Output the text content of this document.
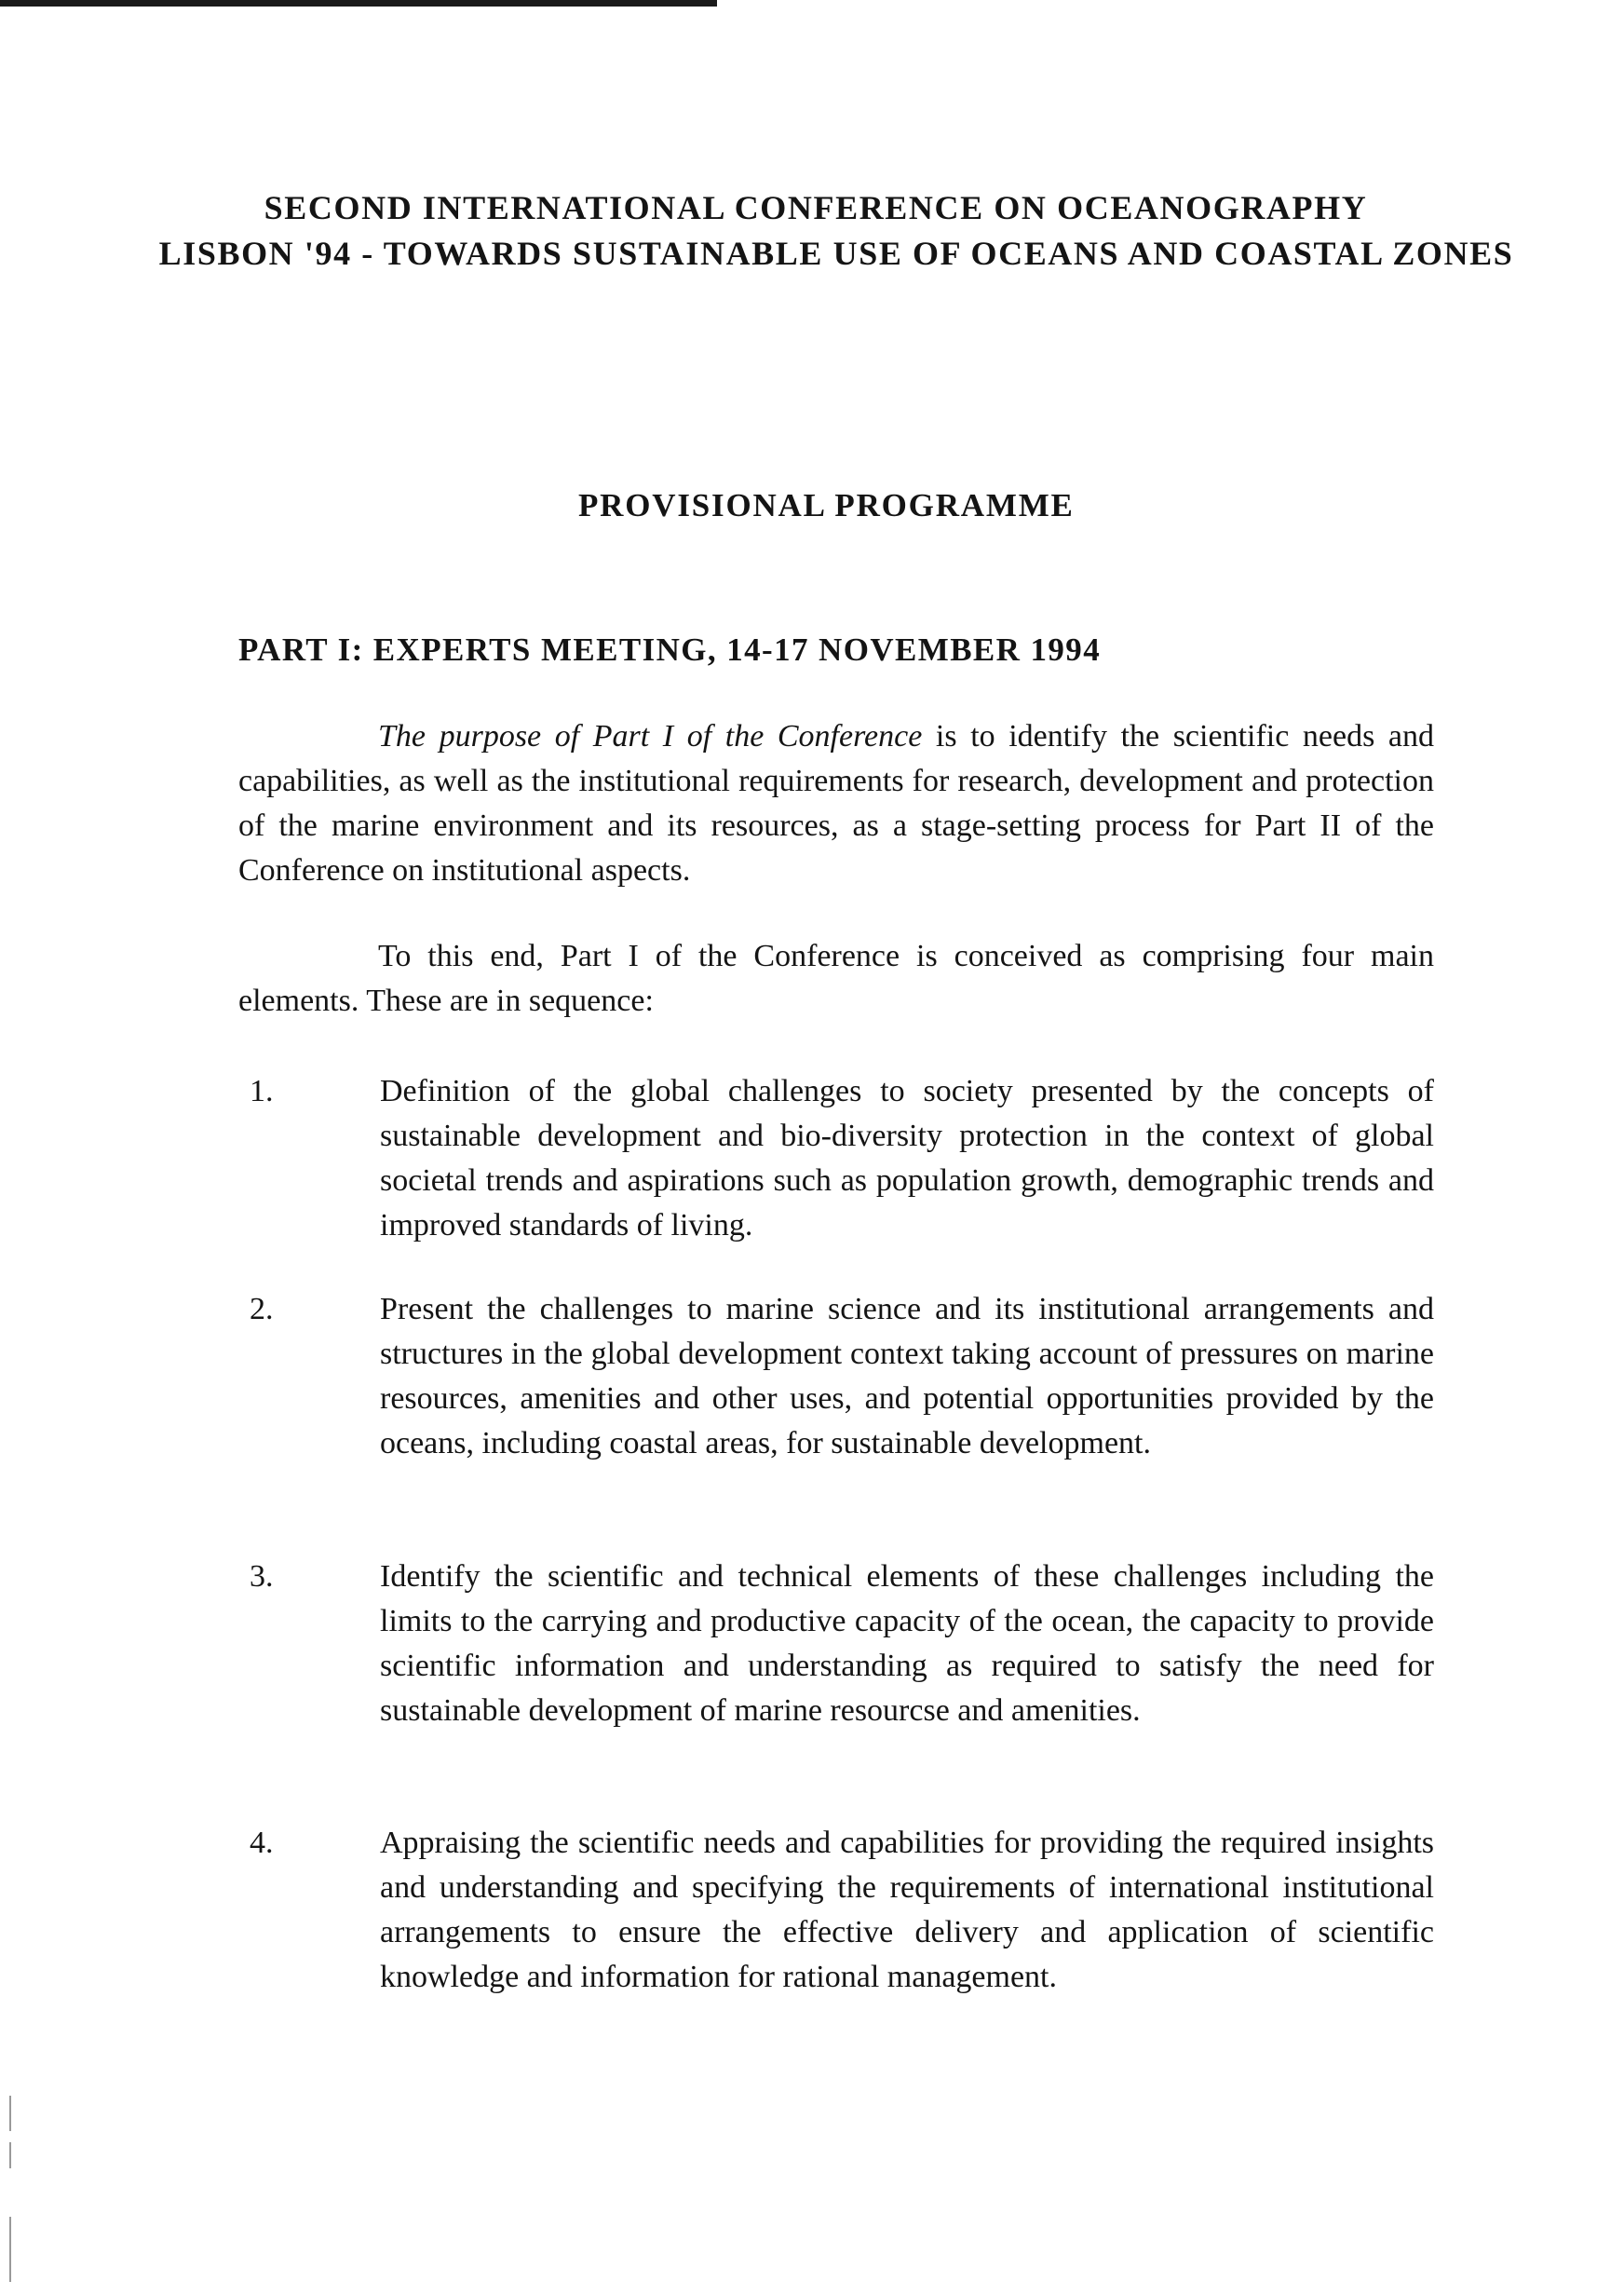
SECOND INTERNATIONAL CONFERENCE ON OCEANOGRAPHY
LISBON '94 - TOWARDS SUSTAINABLE USE OF OCEANS AND COASTAL ZONES
PROVISIONAL PROGRAMME
PART I: EXPERTS MEETING, 14-17 NOVEMBER 1994

The purpose of Part I of the Conference is to identify the scientific needs and capabilities, as well as the institutional requirements for research, development and protection of the marine environment and its resources, as a stage-setting process for Part II of the Conference on institutional aspects.

To this end, Part I of the Conference is conceived as comprising four main elements. These are in sequence:

1.	Definition of the global challenges to society presented by the concepts of sustainable development and bio-diversity protection in the context of global societal trends and aspirations such as population growth, demographic trends and improved standards of living.

2.	Present the challenges to marine science and its institutional arrangements and structures in the global development context taking account of pressures on marine resources, amenities and other uses, and potential opportunities provided by the oceans, including coastal areas, for sustainable development.

3.	Identify the scientific and technical elements of these challenges including the limits to the carrying and productive capacity of the ocean, the capacity to provide scientific information and understanding as required to satisfy the need for sustainable development of marine resourcse and amenities.

4.	Appraising the scientific needs and capabilities for providing the required insights and understanding and specifying the requirements of international institutional arrangements to ensure the effective delivery and application of scientific knowledge and information for rational management.
